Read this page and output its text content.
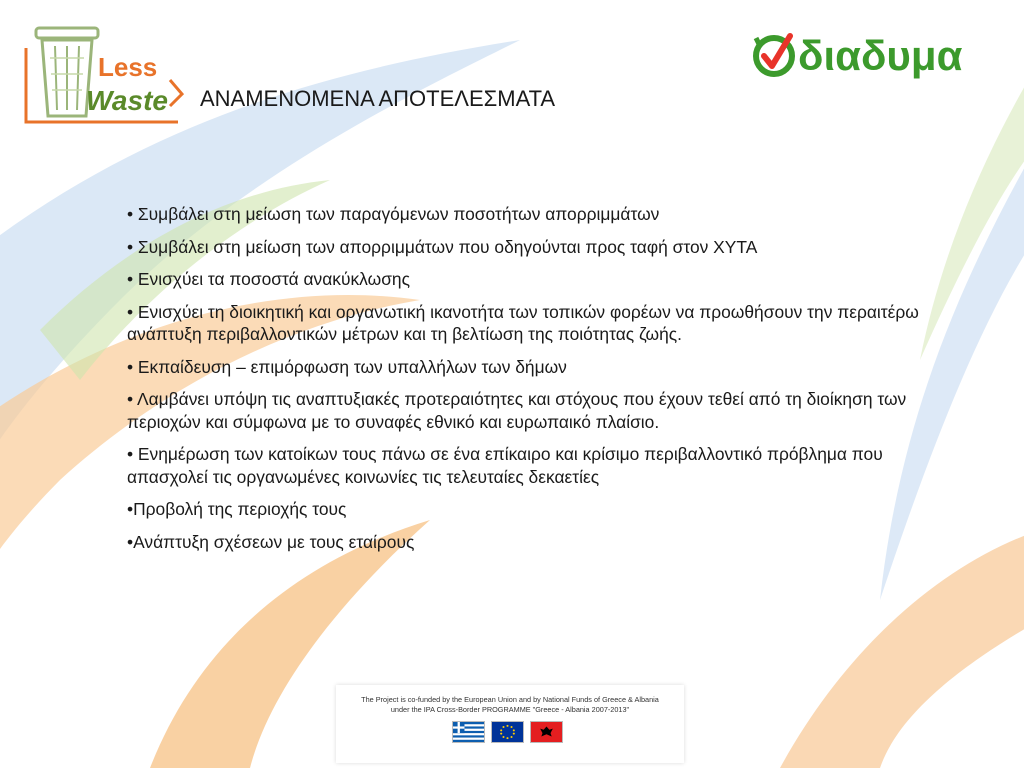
Less
Waste
διαδυμα
ΑΝΑΜΕΝΟΜΕΝΑ ΑΠΟΤΕΛΕΣΜΑΤΑ
• Συμβάλει στη μείωση των παραγόμενων ποσοτήτων απορριμμάτων
• Συμβάλει στη μείωση των απορριμμάτων που οδηγούνται προς ταφή στον ΧΥΤΑ
• Ενισχύει τα ποσοστά ανακύκλωσης
• Ενισχύει τη διοικητική και οργανωτική ικανοτήτα των τοπικών φορέων να προωθήσουν την περαιτέρω ανάπτυξη περιβαλλοντικών μέτρων και τη βελτίωση της ποιότητας ζωής.
• Εκπαίδευση – επιμόρφωση των υπαλλήλων των δήμων
• Λαμβάνει υπόψη τις αναπτυξιακές προτεραιότητες και στόχους που έχουν τεθεί από τη διοίκηση των περιοχών και σύμφωνα με το συναφές εθνικό και ευρωπαικό πλαίσιο.
• Ενημέρωση των κατοίκων τους πάνω σε ένα επίκαιρο και κρίσιμο περιβαλλοντικό πρόβλημα που απασχολεί τις οργανωμένες κοινωνίες τις τελευταίες δεκαετίες
•Προβολή της περιοχής τους
•Ανάπτυξη σχέσεων με τους εταίρους
The Project is co-funded by the European Union and by National Funds of Greece & Albania
under the IPA Cross-Border PROGRAMME "Greece - Albania 2007-2013"
